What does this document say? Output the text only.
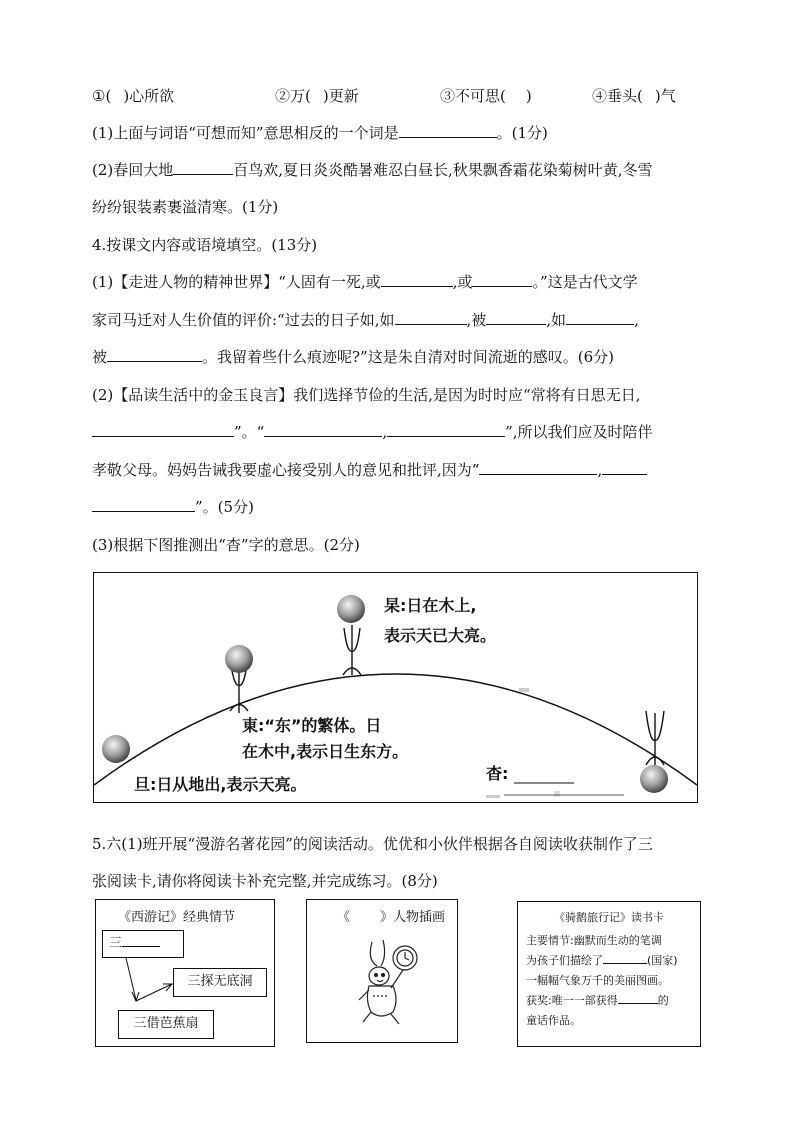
①( )心所欲	②万( )更新	③不可思( )	④垂头( )气
(1)上面与词语“可想而知”意思相反的一个词是	。(1分)
(2)春回大地	百鸟欢,夏日炎炎酷暑难忍白昼长,秋果飘香霜花染菊树叶黄,冬雪
纷纷银装素裹溢清寒。(1分)
4.按课文内容或语境填空。(13分)
(1)【走进人物的精神世界】“人固有一死,或	,或	。”这是古代文学
家司马迁对人生价值的评价:“过去的日子如,如	,被	,如	,
被	。我留着些什么痕迹呢?”这是朱自清对时间流逝的感叹。(6分)
(2)【品读生活中的金玉良言】我们选择节俭的生活,是因为时时应“常将有日思无日,
”。“	,	”,所以我们应及时陪伴
孝敬父母。妈妈告诫我要虚心接受别人的意见和批评,因为“	,
”。(5分)
(3)根据下图推测出“杳”字的意思。(2分)
杲:日在木上,
表示天已大亮。
東:“东”的繁体。日
在木中,表示日生东方。
旦:日从地出,表示天亮。
杳:
5.六(1)班开展“漫游名著花园”的阅读活动。优优和小伙伴根据各自阅读收获制作了三
张阅读卡,请你将阅读卡补充完整,并完成练习。(8分)
《西游记》经典情节
三
三探无底洞
三借芭蕉扇
《 》人物插画	《骑鹅旅行记》读书卡
主要情节:幽默而生动的笔调
为孩子们描绘了	(国家)
一幅幅气象万千的美丽图画。
获奖:唯一一部获得	的
童话作品。
